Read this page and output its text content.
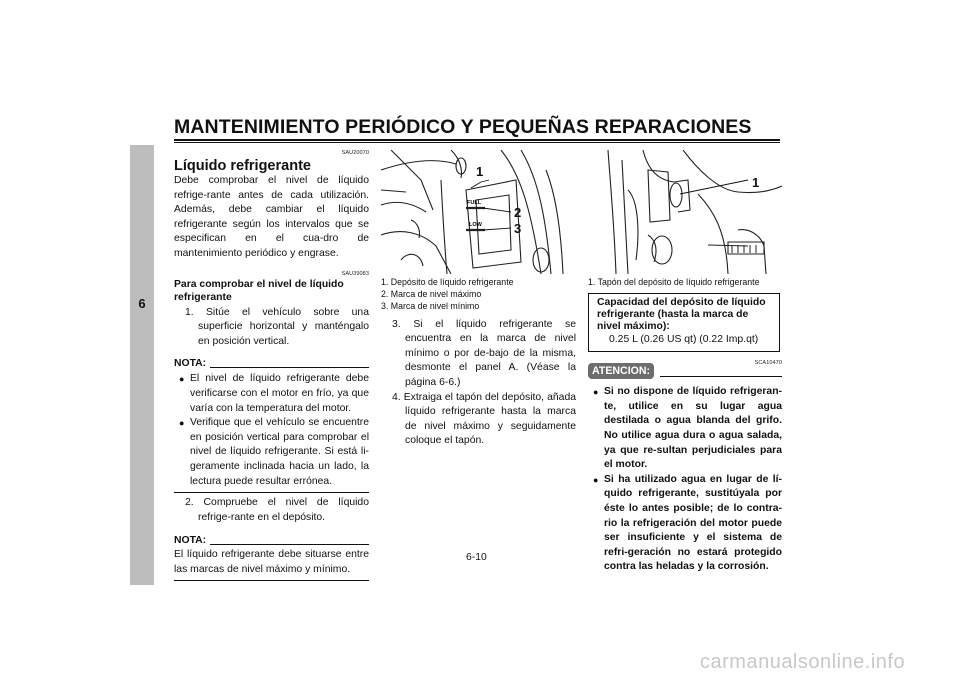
MANTENIMIENTO PERIÓDICO Y PEQUEÑAS REPARACIONES
6
SAU20070
Líquido refrigerante
Debe comprobar el nivel de líquido refrige-rante antes de cada utilización. Además, debe cambiar el líquido refrigerante según los intervalos que se especifican en el cua-dro de mantenimiento periódico y engrase.
SAU39083
Para comprobar el nivel de líquido refrigerante
1. Sitúe el vehículo sobre una superficie horizontal y manténgalo en posición vertical.
NOTA:
● El nivel de líquido refrigerante debe verificarse con el motor en frío, ya que varía con la temperatura del motor.
● Verifique que el vehículo se encuentre en posición vertical para comprobar el nivel de líquido refrigerante. Si está li-geramente inclinada hacia un lado, la lectura puede resultar errónea.
2. Compruebe el nivel de líquido refrige-rante en el depósito.
NOTA:
El líquido refrigerante debe situarse entre las marcas de nivel máximo y mínimo.
FULL
LOW
1
2
3
1. Depósito de líquido refrigerante
2. Marca de nivel máximo
3. Marca de nivel mínimo
3. Si el líquido refrigerante se encuentra en la marca de nivel mínimo o por de-bajo de la misma, desmonte el panel A. (Véase la página 6-6.)
4. Extraiga el tapón del depósito, añada líquido refrigerante hasta la marca de nivel máximo y seguidamente coloque el tapón.
1
1. Tapón del depósito de líquido refrigerante
Capacidad del depósito de líquido refrigerante (hasta la marca de nivel máximo):
0.25 L (0.26 US qt) (0.22 Imp.qt)
SCA10470
ATENCION:
● Si no dispone de líquido refrigeran-te, utilice en su lugar agua destilada o agua blanda del grifo. No utilice agua dura o agua salada, ya que re-sultan perjudiciales para el motor.
● Si ha utilizado agua en lugar de lí-quido refrigerante, sustitúyala por éste lo antes posible; de lo contra-rio la refrigeración del motor puede ser insuficiente y el sistema de refri-geración no estará protegido contra las heladas y la corrosión.
6-10
carmanualsonline.info
